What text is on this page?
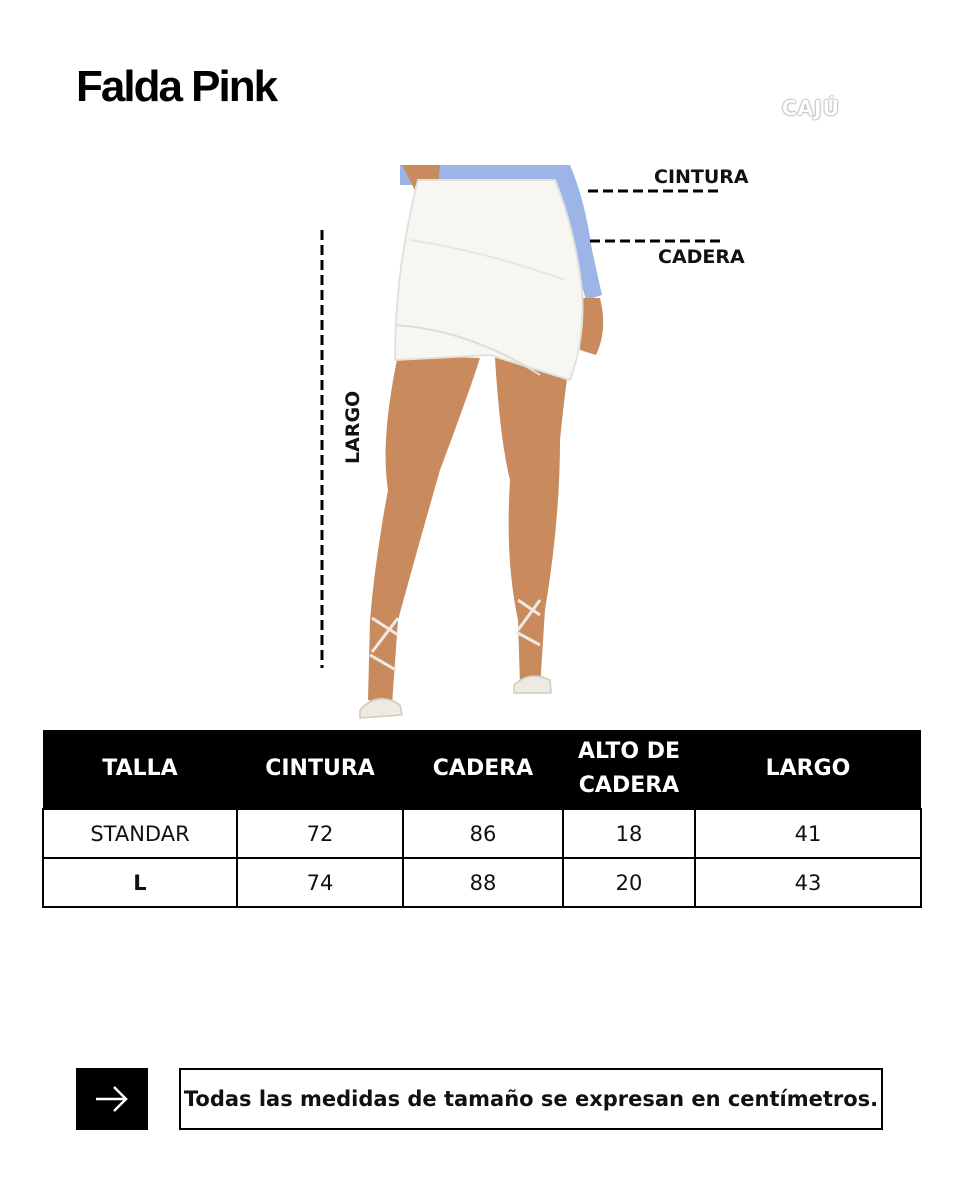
Falda Pink	CAJÚ
CINTURA
CADERA
LARGO
TALLA	CINTURA	CADERA	ALTO DE CADERA	LARGO
STANDAR	72	86	18	41
L	74	88	20	43
Todas las medidas de tamaño se expresan en centímetros.
